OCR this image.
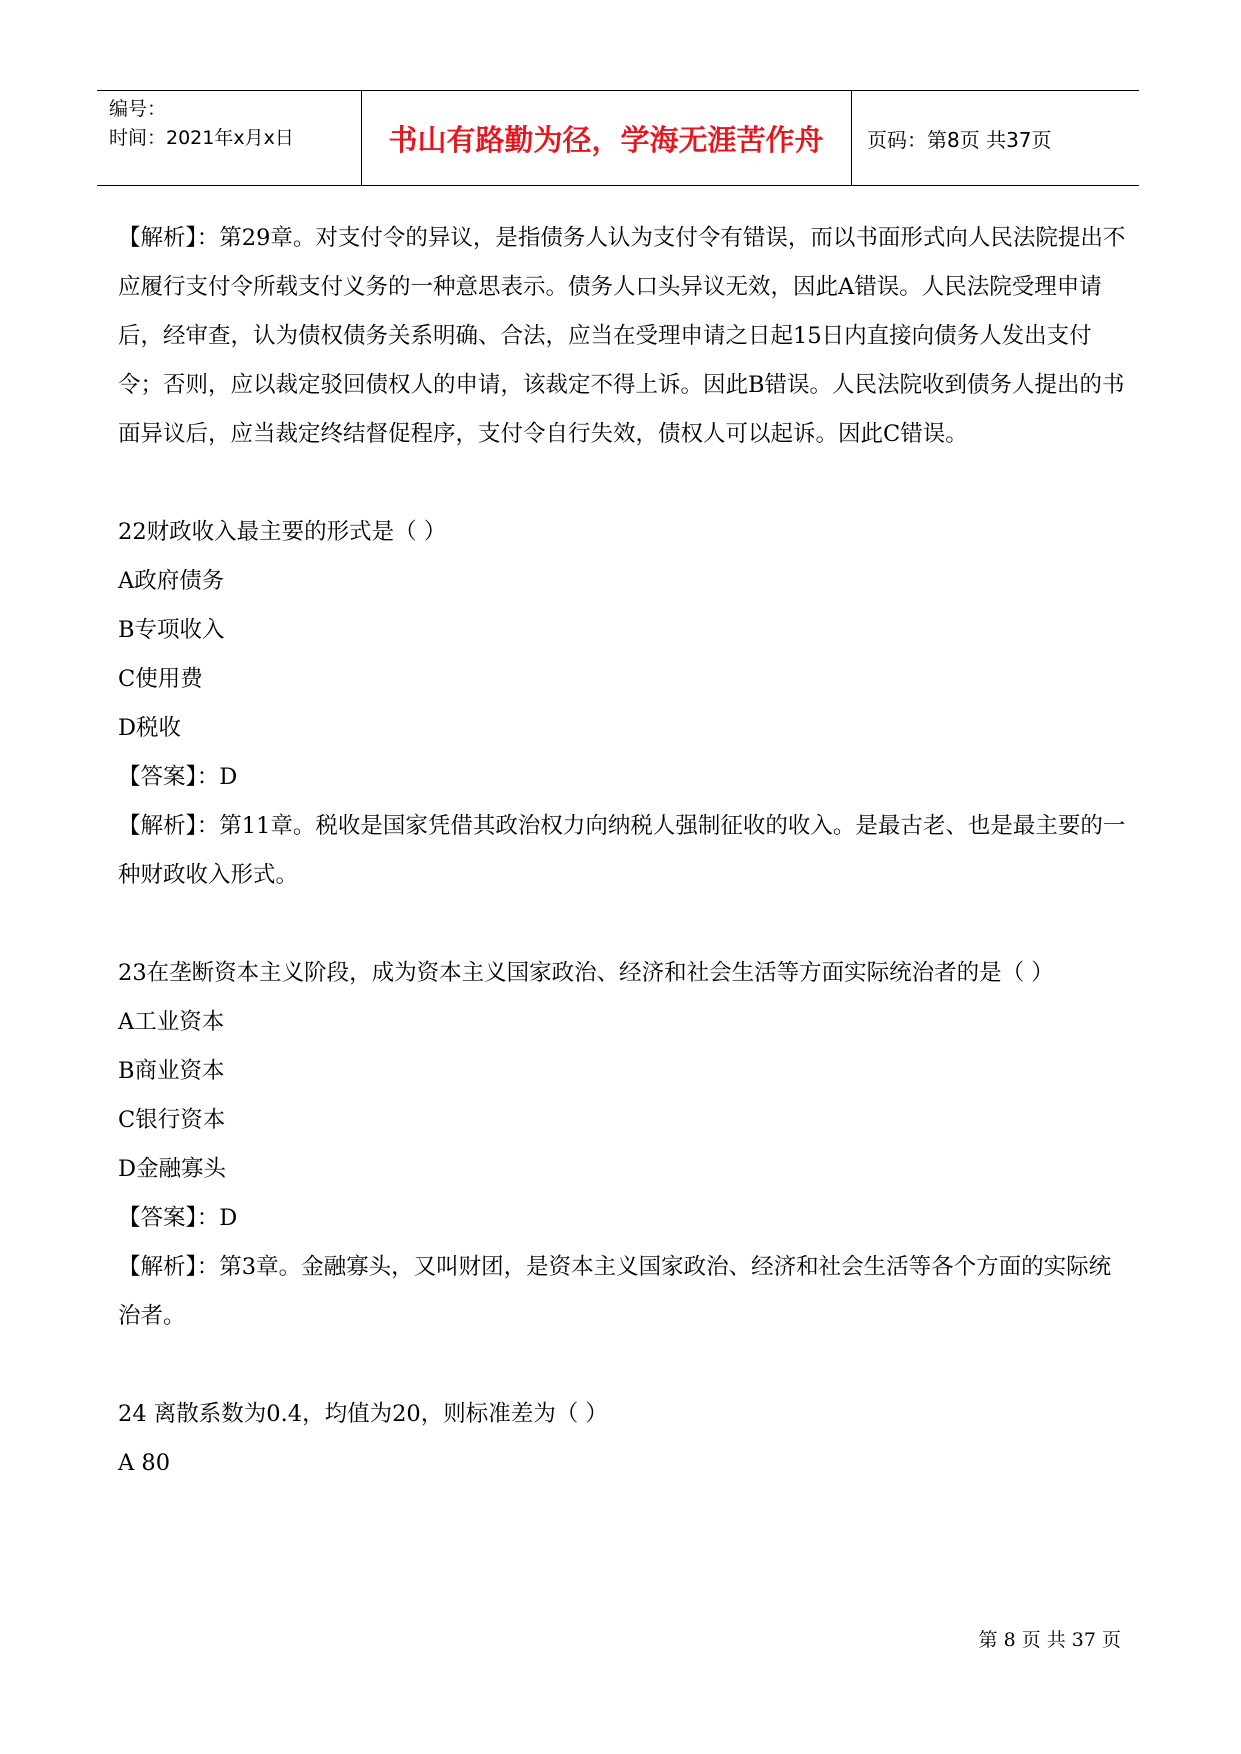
编号：
时间：2021年x月x日	书山有路勤为径，学海无涯苦作舟	页码：第8页 共37页

【解析】：第29章。对支付令的异议，是指债务人认为支付令有错误，而以书面形式向人民法院提出不应履行支付令所载支付义务的一种意思表示。债务人口头异议无效，因此A错误。人民法院受理申请后，经审查，认为债权债务关系明确、合法，应当在受理申请之日起15日内直接向债务人发出支付令；否则，应以裁定驳回债权人的申请，该裁定不得上诉。因此B错误。人民法院收到债务人提出的书面异议后，应当裁定终结督促程序，支付令自行失效，债权人可以起诉。因此C错误。

22财政收入最主要的形式是（ ）

A政府债务

B专项收入

C使用费

D税收

【答案】：D

【解析】：第11章。税收是国家凭借其政治权力向纳税人强制征收的收入。是最古老、也是最主要的一种财政收入形式。

23在垄断资本主义阶段，成为资本主义国家政治、经济和社会生活等方面实际统治者的是（ ）

A工业资本

B商业资本

C银行资本

D金融寡头

【答案】：D

【解析】：第3章。金融寡头，又叫财团，是资本主义国家政治、经济和社会生活等各个方面的实际统治者。

24 离散系数为0.4，均值为20，则标准差为（ ）

A 80

第 8 页 共 37 页
